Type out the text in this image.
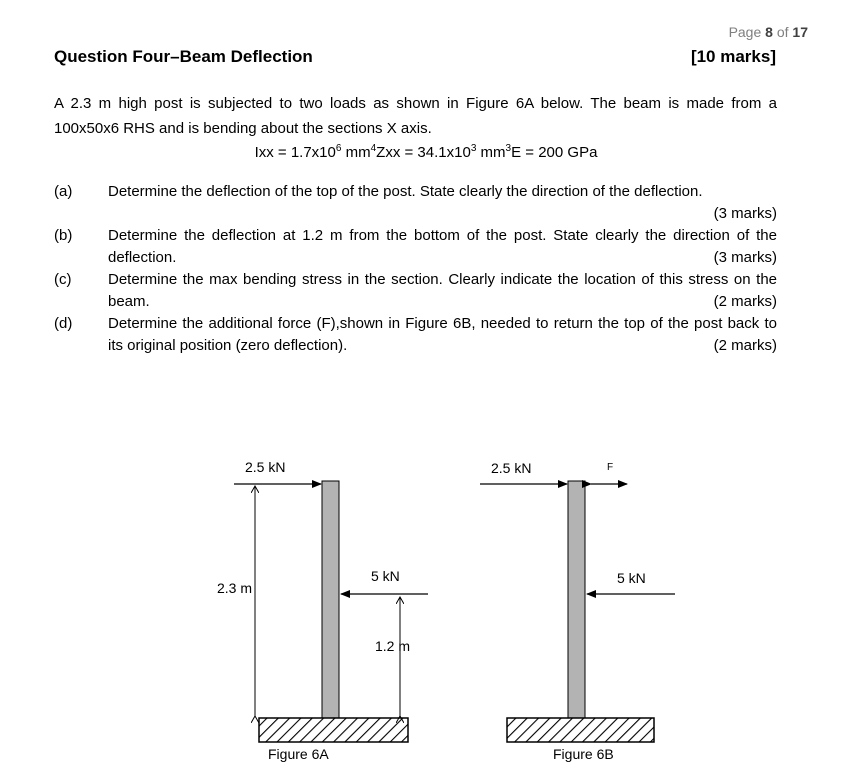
Page 8 of 17
Question Four–Beam Deflection	[10 marks]
A 2.3 m high post is subjected to two loads as shown in Figure 6A below. The beam is made from a 100x50x6 RHS and is bending about the sections X axis.
Ixx = $1.7x10^6$ $mm^4Zxx = 34.1x10^3$ $mm^3E = 200$ GPa
(a) Determine the deflection of the top of the post. State clearly the direction of the deflection.
(3 marks)
(b) Determine the deflection at 1.2 m from the bottom of the post. State clearly the direction of the deflection.	(3 marks)
(c) Determine the max bending stress in the section. Clearly indicate the location of this stress on the beam.	(2 marks)
(d) Determine the additional force (F),shown in Figure 6B, needed to return the top of the post back to its original position (zero deflection).	(2 marks)
2.5 kN
5 kN
2.3 m
1.2 m
Figure 6A
2.5 kN	F
5 kN
Figure 6B
